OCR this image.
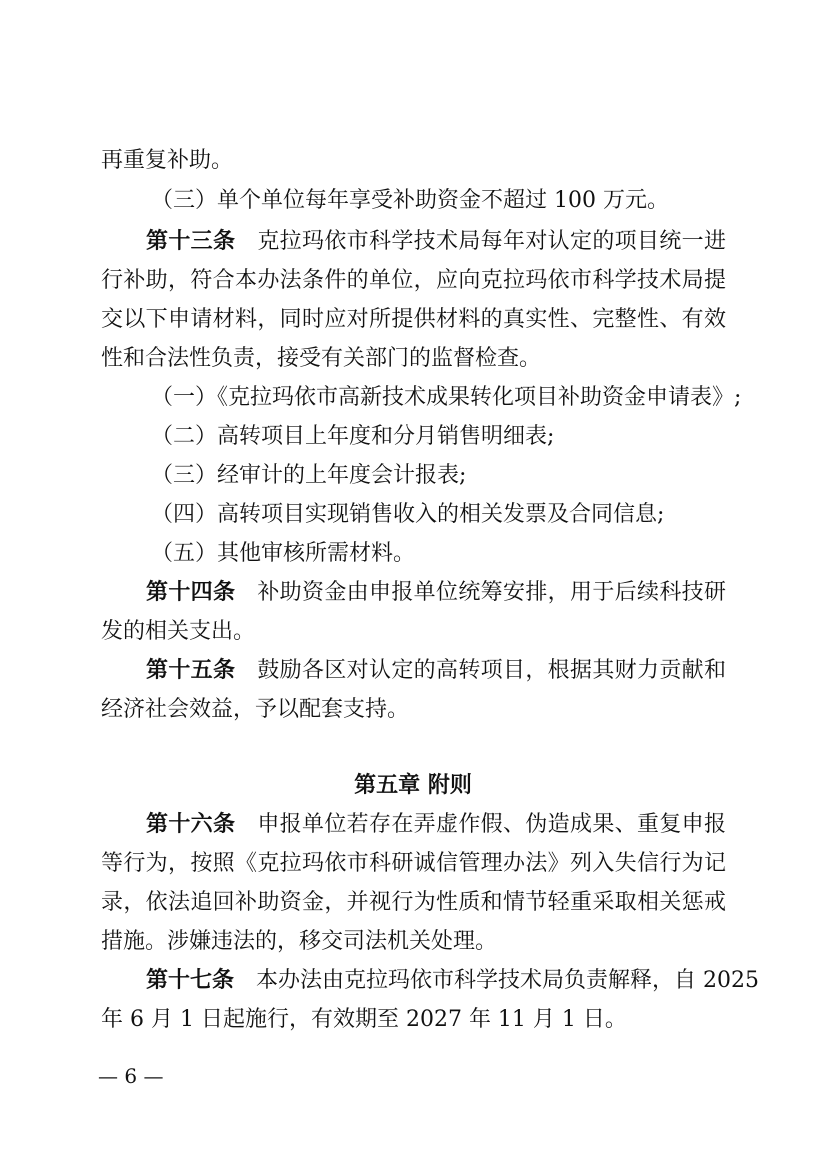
再重复补助。
（三）单个单位每年享受补助资金不超过 100 万元。
第十三条 克拉玛依市科学技术局每年对认定的项目统一进
行补助，符合本办法条件的单位，应向克拉玛依市科学技术局提
交以下申请材料，同时应对所提供材料的真实性、完整性、有效
性和合法性负责，接受有关部门的监督检查。
（一）《克拉玛依市高新技术成果转化项目补助资金申请表》;
（二）高转项目上年度和分月销售明细表;
（三）经审计的上年度会计报表;
（四）高转项目实现销售收入的相关发票及合同信息;
（五）其他审核所需材料。
第十四条 补助资金由申报单位统筹安排，用于后续科技研
发的相关支出。
第十五条 鼓励各区对认定的高转项目，根据其财力贡献和
经济社会效益，予以配套支持。
第五章 附则
第十六条 申报单位若存在弄虚作假、伪造成果、重复申报
等行为，按照《克拉玛依市科研诚信管理办法》列入失信行为记
录，依法追回补助资金，并视行为性质和情节轻重采取相关惩戒
措施。涉嫌违法的，移交司法机关处理。
第十七条 本办法由克拉玛依市科学技术局负责解释，自 2025
年 6 月 1 日起施行，有效期至 2027 年 11 月 1 日。
— 6 —
